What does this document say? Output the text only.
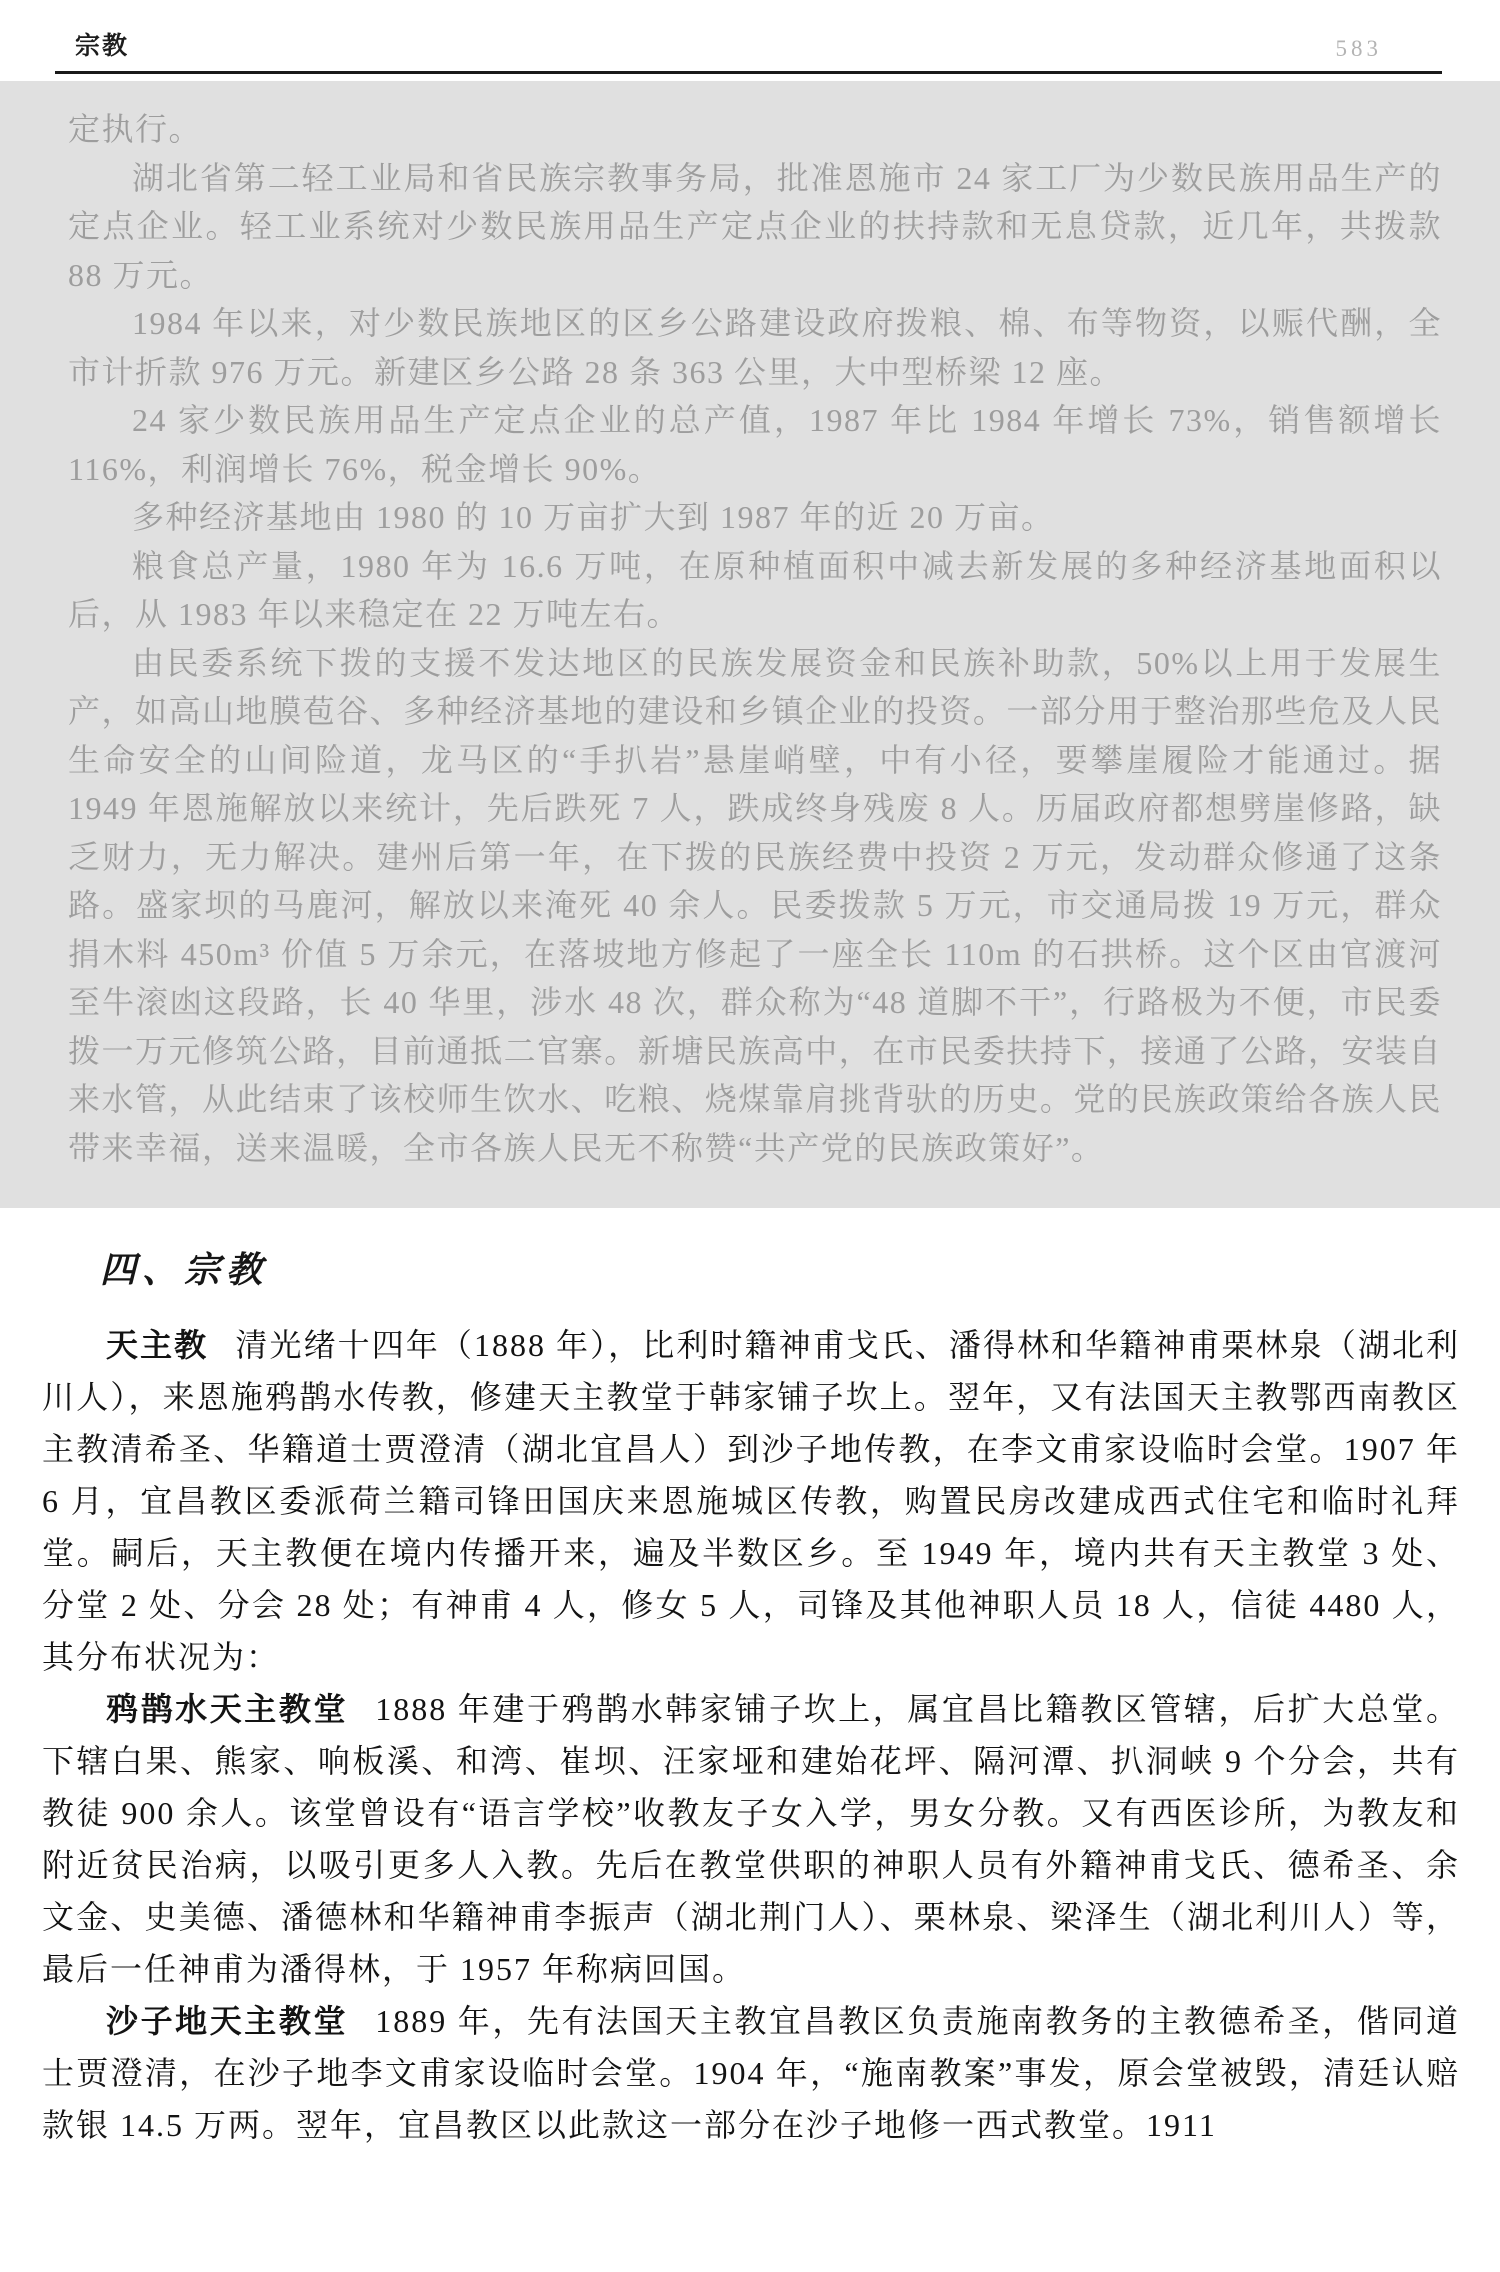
宗教	583

定执行。

湖北省第二轻工业局和省民族宗教事务局，批准恩施市 24 家工厂为少数民族用品生产的定点企业。轻工业系统对少数民族用品生产定点企业的扶持款和无息贷款，近几年，共拨款 88 万元。

1984 年以来，对少数民族地区的区乡公路建设政府拨粮、棉、布等物资，以赈代酬，全市计折款 976 万元。新建区乡公路 28 条 363 公里，大中型桥梁 12 座。

24 家少数民族用品生产定点企业的总产值，1987 年比 1984 年增长 73%，销售额增长 116%，利润增长 76%，税金增长 90%。

多种经济基地由 1980 的 10 万亩扩大到 1987 年的近 20 万亩。

粮食总产量，1980 年为 16.6 万吨，在原种植面积中减去新发展的多种经济基地面积以后，从 1983 年以来稳定在 22 万吨左右。

由民委系统下拨的支援不发达地区的民族发展资金和民族补助款，50%以上用于发展生产，如高山地膜苞谷、多种经济基地的建设和乡镇企业的投资。一部分用于整治那些危及人民生命安全的山间险道，龙马区的“手扒岩”悬崖峭壁，中有小径，要攀崖履险才能通过。据 1949 年恩施解放以来统计，先后跌死 7 人，跌成终身残废 8 人。历届政府都想劈崖修路，缺乏财力，无力解决。建州后第一年，在下拨的民族经费中投资 2 万元，发动群众修通了这条路。盛家坝的马鹿河，解放以来淹死 40 余人。民委拨款 5 万元，市交通局拨 19 万元，群众捐木料 450m³ 价值 5 万余元，在落坡地方修起了一座全长 110m 的石拱桥。这个区由官渡河至牛滚凼这段路，长 40 华里，涉水 48 次，群众称为“48 道脚不干”，行路极为不便，市民委拨一万元修筑公路，目前通抵二官寨。新塘民族高中，在市民委扶持下，接通了公路，安装自来水管，从此结束了该校师生饮水、吃粮、烧煤靠肩挑背驮的历史。党的民族政策给各族人民带来幸福，送来温暖，全市各族人民无不称赞“共产党的民族政策好”。

四、宗教

天主教 清光绪十四年（1888 年），比利时籍神甫戈氏、潘得林和华籍神甫栗林泉（湖北利川人），来恩施鸦鹊水传教，修建天主教堂于韩家铺子坎上。翌年，又有法国天主教鄂西南教区主教清希圣、华籍道士贾澄清（湖北宜昌人）到沙子地传教，在李文甫家设临时会堂。1907 年 6 月，宜昌教区委派荷兰籍司锋田国庆来恩施城区传教，购置民房改建成西式住宅和临时礼拜堂。嗣后，天主教便在境内传播开来，遍及半数区乡。至 1949 年，境内共有天主教堂 3 处、分堂 2 处、分会 28 处；有神甫 4 人，修女 5 人，司锋及其他神职人员 18 人，信徒 4480 人，其分布状况为：

鸦鹊水天主教堂 1888 年建于鸦鹊水韩家铺子坎上，属宜昌比籍教区管辖，后扩大总堂。下辖白果、熊家、响板溪、和湾、崔坝、汪家垭和建始花坪、隔河潭、扒洞峡 9 个分会，共有教徒 900 余人。该堂曾设有“语言学校”收教友子女入学，男女分教。又有西医诊所，为教友和附近贫民治病，以吸引更多人入教。先后在教堂供职的神职人员有外籍神甫戈氏、德希圣、余文金、史美德、潘德林和华籍神甫李振声（湖北荆门人）、栗林泉、梁泽生（湖北利川人）等，最后一任神甫为潘得林，于 1957 年称病回国。

沙子地天主教堂 1889 年，先有法国天主教宜昌教区负责施南教务的主教德希圣，偕同道士贾澄清，在沙子地李文甫家设临时会堂。1904 年，“施南教案”事发，原会堂被毁，清廷认赔款银 14.5 万两。翌年，宜昌教区以此款这一部分在沙子地修一西式教堂。1911
